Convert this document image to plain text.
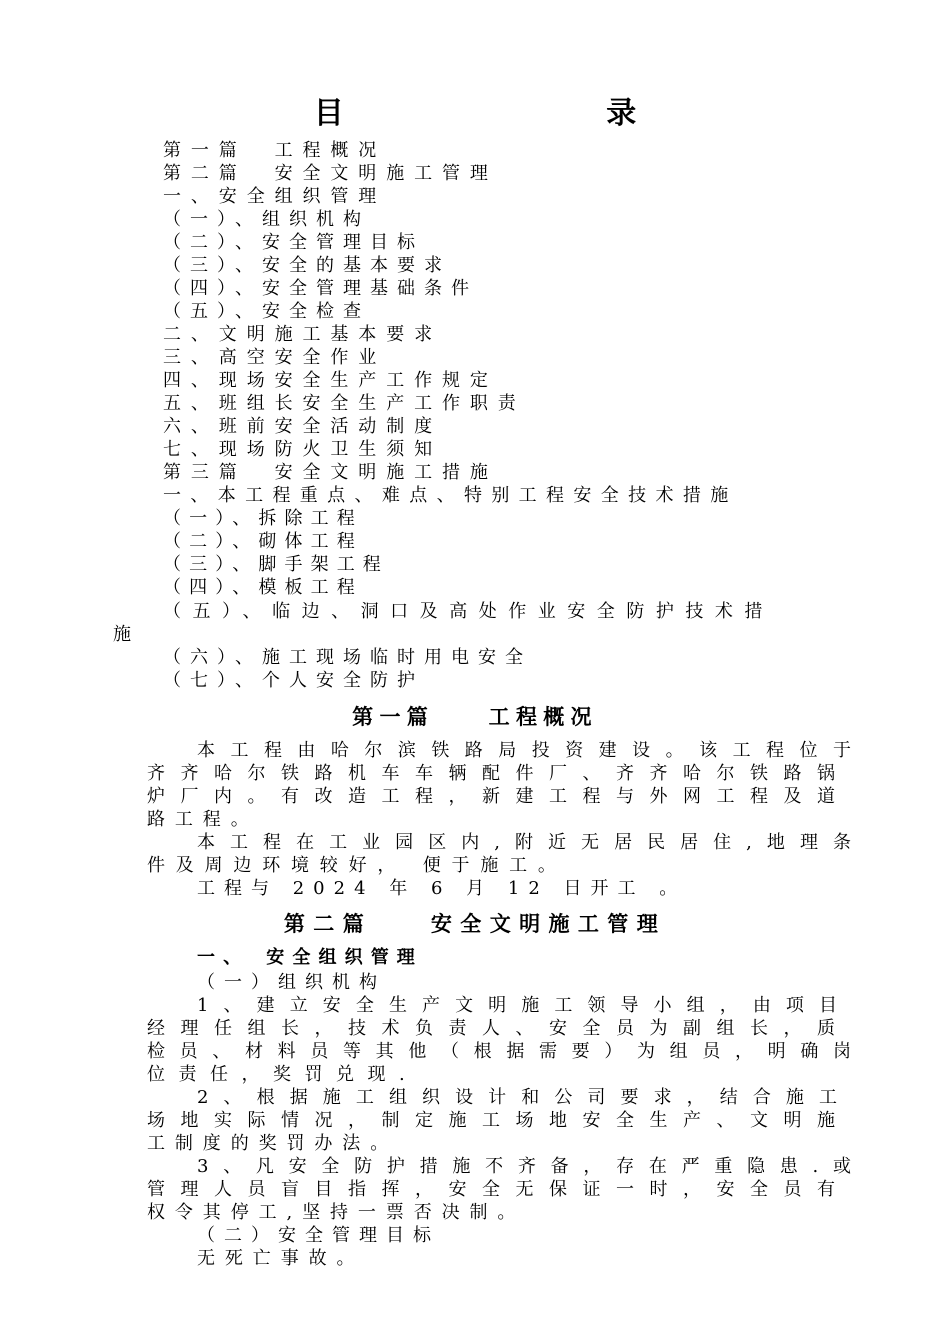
目 录
第一篇　工程概况
第二篇　安全文明施工管理
一、安全组织管理
（一）、组织机构
（二）、安全管理目标
（三）、安全的基本要求
（四）、安全管理基础条件
（五）、安全检查
二、文明施工基本要求
三、高空安全作业
四、现场安全生产工作规定
五、班组长安全生产工作职责
六、班前安全活动制度
七、现场防火卫生须知
第三篇　安全文明施工措施
一、本工程重点、难点、特别工程安全技术措施
（一）、拆除工程
（二）、砌体工程
（三）、脚手架工程
（四）、模板工程
（五）、临边、洞口及高处作业安全防护技术措
施
（六）、施工现场临时用电安全
（七）、个人安全防护
第一篇　　工程概况
本工程由哈尔滨铁路局投资建设。该工程位于
齐齐哈尔铁路机车车辆配件厂、齐齐哈尔铁路锅
炉厂内。有改造工程，新建工程与外网工程及道
路工程。
本工程在工业园区内,附近无居民居住,地理条
件及周边环境较好， 便于施工。
工程与 2024 年 6 月 12 日开工 。
第二篇　　安全文明施工管理
一、　安全组织管理
（一）组织机构
1、建立安全生产文明施工领导小组，由项目
经理任组长，技术负责人、安全员为副组长，质
检员、材料员等其他（根据需要）为组员，明确岗
位责任，奖罚兑现.
2、根据施工组织设计和公司要求，结合施工
场地实际情况，制定施工场地安全生产、文明施
工制度的奖罚办法。
3、凡安全防护措施不齐备，存在严重隐患.或
管理人员盲目指挥，安全无保证一时，安全员有
权令其停工,坚持一票否决制。
（二）安全管理目标
无死亡事故。
